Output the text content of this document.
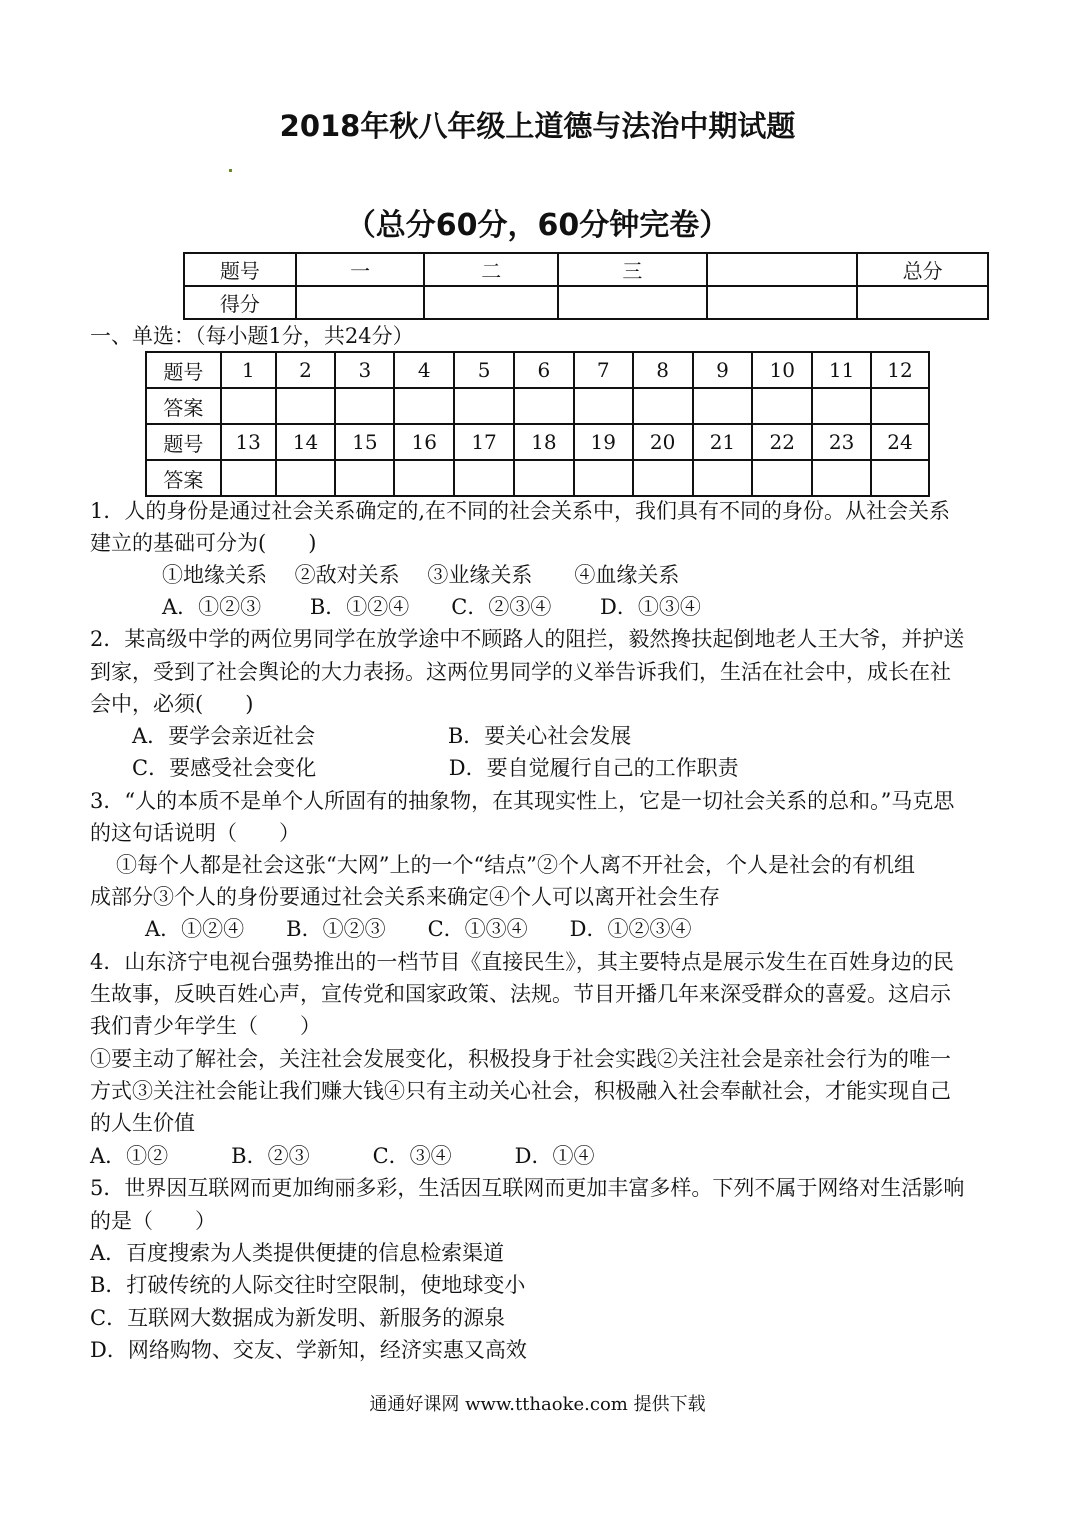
2018年秋八年级上道德与法治中期试题
（总分60分，60分钟完卷）
题号	一	二	三		总分
得分					
一、单选：（每小题1分，共24分）
题号	1	2	3	4	5	6	7	8	9	10	11	12
答案												
题号	13	14	15	16	17	18	19	20	21	22	23	24
答案												
1．人的身份是通过社会关系确定的,在不同的社会关系中，我们具有不同的身份。从社会关系
建立的基础可分为(　　)
①地缘关系　 ②敌对关系　 ③业缘关系　　④血缘关系
A．①②③　　 B．①②④　　C．②③④　　 D．①③④
2．某高级中学的两位男同学在放学途中不顾路人的阻拦，毅然搀扶起倒地老人王大爷，并护送
到家，受到了社会舆论的大力表扬。这两位男同学的义举告诉我们，生活在社会中，成长在社
会中，必须(　　)
A．要学会亲近社会　　　　　　 B．要关心社会发展
C．要感受社会变化　　　　　　 D．要自觉履行自己的工作职责
3．“人的本质不是单个人所固有的抽象物，在其现实性上，它是一切社会关系的总和。”马克思
的这句话说明（　　）
①每个人都是社会这张“大网”上的一个“结点”②个人离不开社会，个人是社会的有机组
成部分③个人的身份要通过社会关系来确定④个人可以离开社会生存
A．①②④　　B．①②③　　C．①③④　　D．①②③④
4．山东济宁电视台强势推出的一档节目《直接民生》，其主要特点是展示发生在百姓身边的民
生故事，反映百姓心声，宣传党和国家政策、法规。节目开播几年来深受群众的喜爱。这启示
我们青少年学生（　　）
①要主动了解社会，关注社会发展变化，积极投身于社会实践②关注社会是亲社会行为的唯一
方式③关注社会能让我们赚大钱④只有主动关心社会，积极融入社会奉献社会，才能实现自己
的人生价值
A．①②　　　B．②③　　　C．③④　　　D．①④
5．世界因互联网而更加绚丽多彩，生活因互联网而更加丰富多样。下列不属于网络对生活影响
的是（　　）
A．百度搜索为人类提供便捷的信息检索渠道
B．打破传统的人际交往时空限制，使地球变小
C．互联网大数据成为新发明、新服务的源泉
D．网络购物、交友、学新知，经济实惠又高效
通通好课网 www.tthaoke.com 提供下载
